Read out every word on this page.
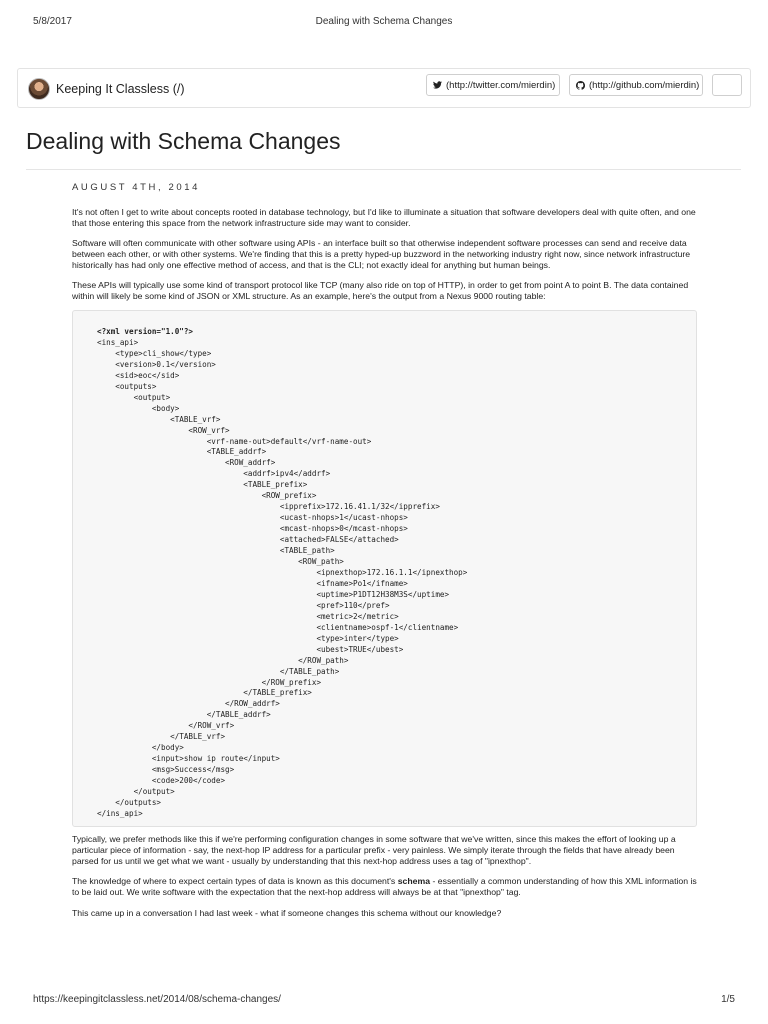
5/8/2017	Dealing with Schema Changes
Keeping It Classless (/)	(http://twitter.com/mierdin)	(http://github.com/mierdin)
Dealing with Schema Changes
AUGUST 4TH, 2014

It's not often I get to write about concepts rooted in database technology, but I'd like to illuminate a situation that software developers deal with quite often, and one that those entering this space from the network infrastructure side may want to consider.

Software will often communicate with other software using APIs - an interface built so that otherwise independent software processes can send and receive data between each other, or with other systems. We're finding that this is a pretty hyped-up buzzword in the networking industry right now, since network infrastructure historically has had only one effective method of access, and that is the CLI; not exactly ideal for anything but human beings.

These APIs will typically use some kind of transport protocol like TCP (many also ride on top of HTTP), in order to get from point A to point B. The data contained within will likely be some kind of JSON or XML structure. As an example, here's the output from a Nexus 9000 routing table:

<?xml version="1.0"?>
<ins_api>
<type>cli_show</type>
<version>0.1</version>
<sid>eoc</sid>
<outputs>
<output>
<body>
<TABLE_vrf>
<ROW_vrf>
<vrf-name-out>default</vrf-name-out>
<TABLE_addrf>
<ROW_addrf>
<addrf>ipv4</addrf>
<TABLE_prefix>
<ROW_prefix>
<ipprefix>172.16.41.1/32</ipprefix>
<ucast-nhops>1</ucast-nhops>
<mcast-nhops>0</mcast-nhops>
<attached>FALSE</attached>
<TABLE_path>
<ROW_path>
<ipnexthop>172.16.1.1</ipnexthop>
<ifname>Po1</ifname>
<uptime>P1DT12H38M3S</uptime>
<pref>110</pref>
<metric>2</metric>
<clientname>ospf-1</clientname>
<type>inter</type>
<ubest>TRUE</ubest>
</ROW_path>
</TABLE_path>
</ROW_prefix>
</TABLE_prefix>
</ROW_addrf>
</TABLE_addrf>
</ROW_vrf>
</TABLE_vrf>
</body>
<input>show ip route</input>
<msg>Success</msg>
<code>200</code>
</output>
</outputs>
</ins_api>

Typically, we prefer methods like this if we're performing configuration changes in some software that we've written, since this makes the effort of looking up a particular piece of information - say, the next-hop IP address for a particular prefix - very painless. We simply iterate through the fields that have already been parsed for us until we get what we want - usually by understanding that this next-hop address uses a tag of "ipnexthop".

The knowledge of where to expect certain types of data is known as this document's schema - essentially a common understanding of how this XML information is to be laid out. We write software with the expectation that the next-hop address will always be at that "ipnexthop" tag.

This came up in a conversation I had last week - what if someone changes this schema without our knowledge?

https://keepingitclassless.net/2014/08/schema-changes/	1/5
